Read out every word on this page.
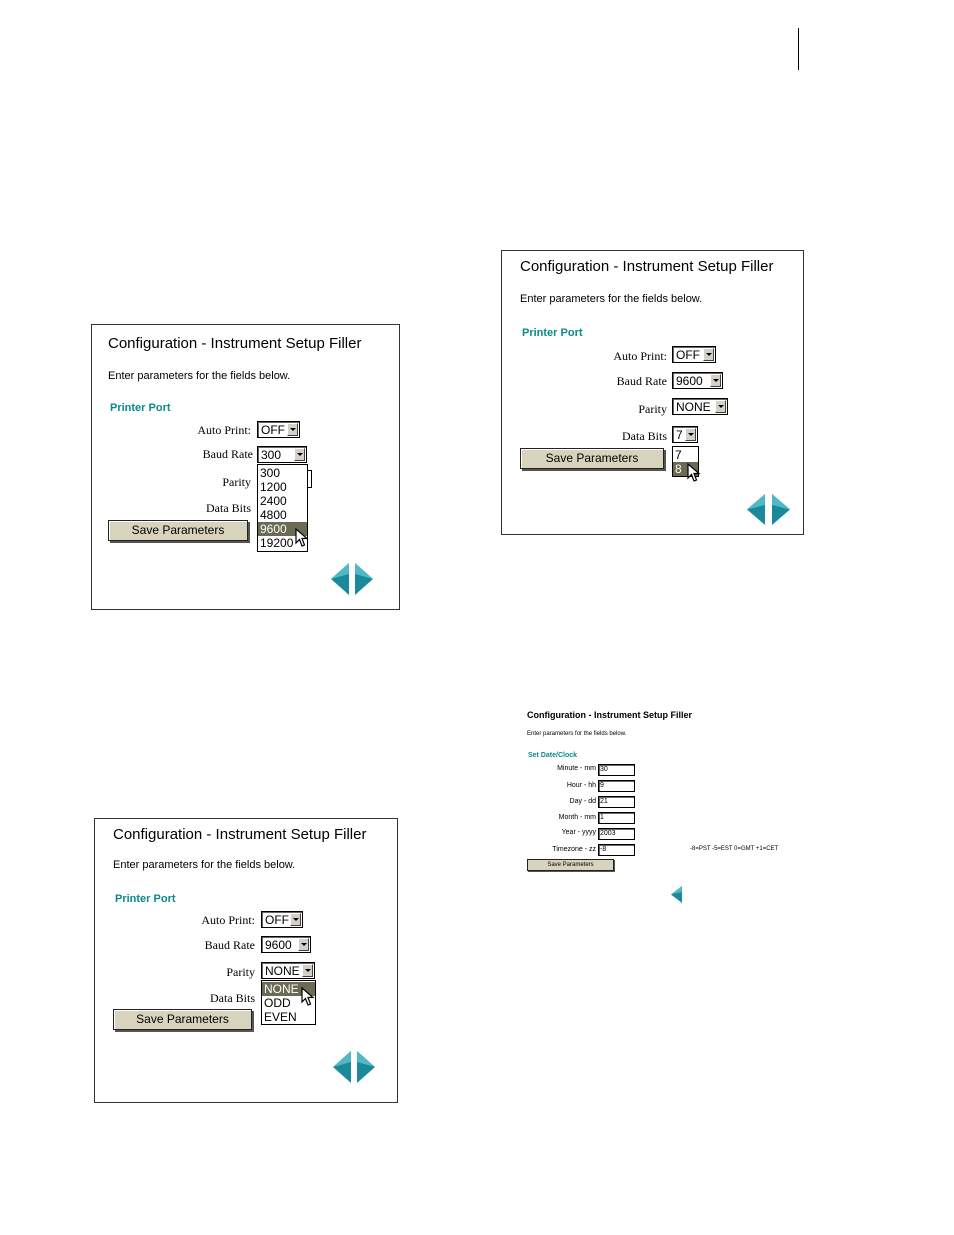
Configuration - Instrument Setup Filler
Enter parameters for the fields below.
Printer Port
Auto Print: OFF
Baud Rate 300
Parity
Data Bits
300
1200
2400
4800
9600
19200
Save Parameters
Configuration - Instrument Setup Filler
Enter parameters for the fields below.
Printer Port
Auto Print: OFF
Baud Rate 9600
Parity NONE
Data Bits 7
7
8
Save Parameters
Configuration - Instrument Setup Filler
Enter parameters for the fields below.
Printer Port
Auto Print: OFF
Baud Rate 9600
Parity NONE
Data Bits
NONE
ODD
EVEN
Save Parameters
Configuration - Instrument Setup Filler
Enter parameters for the fields below.
Set Date/Clock
Minute - mm 30
Hour - hh 9
Day - dd 21
Month - mm 1
Year - yyyy 2003
Timezone - zz -8	-8=PST -5=EST 0=GMT +1=CET
Save Parameters
